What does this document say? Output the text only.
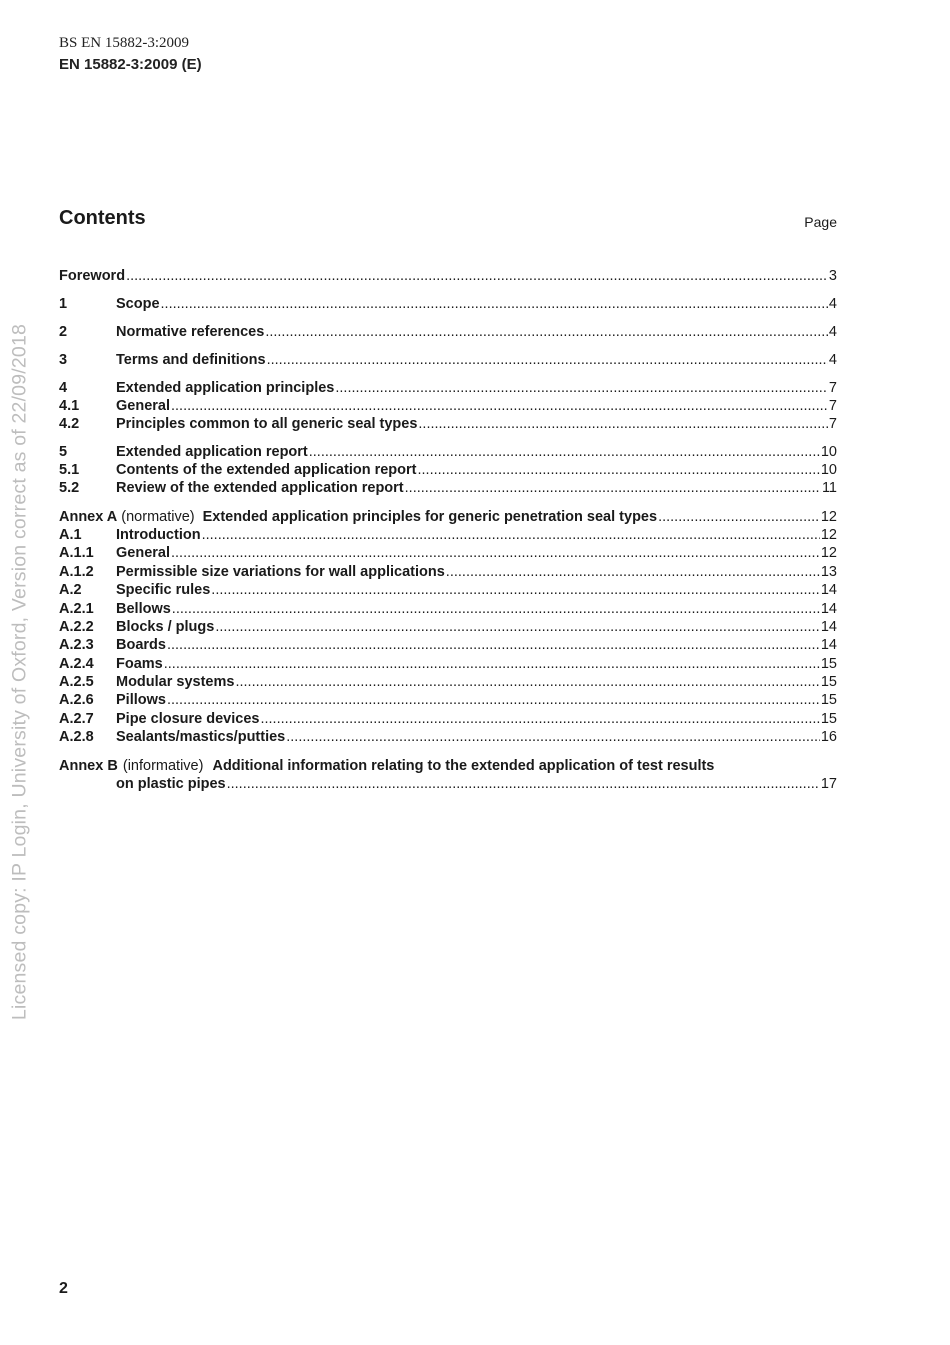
Licensed copy: IP Login, University of Oxford, Version correct as of 22/09/2018
BS EN 15882-3:2009
EN 15882-3:2009 (E)
Contents	Page
Foreword .....	3
1	Scope .....	4
2	Normative references .....	4
3	Terms and definitions .....	4
4	Extended application principles .....	7
4.1	General .....	7
4.2	Principles common to all generic seal types .....	7
5	Extended application report .....	10
5.1	Contents of the extended application report .....	10
5.2	Review of the extended application report .....	11
Annex A (normative) Extended application principles for generic penetration seal types .....	12
A.1	Introduction .....	12
A.1.1	General .....	12
A.1.2	Permissible size variations for wall applications .....	13
A.2	Specific rules .....	14
A.2.1	Bellows .....	14
A.2.2	Blocks / plugs .....	14
A.2.3	Boards .....	14
A.2.4	Foams .....	15
A.2.5	Modular systems .....	15
A.2.6	Pillows .....	15
A.2.7	Pipe closure devices .....	15
A.2.8	Sealants/mastics/putties .....	16
Annex B (informative) Additional information relating to the extended application of test results
on plastic pipes .....	17
2
